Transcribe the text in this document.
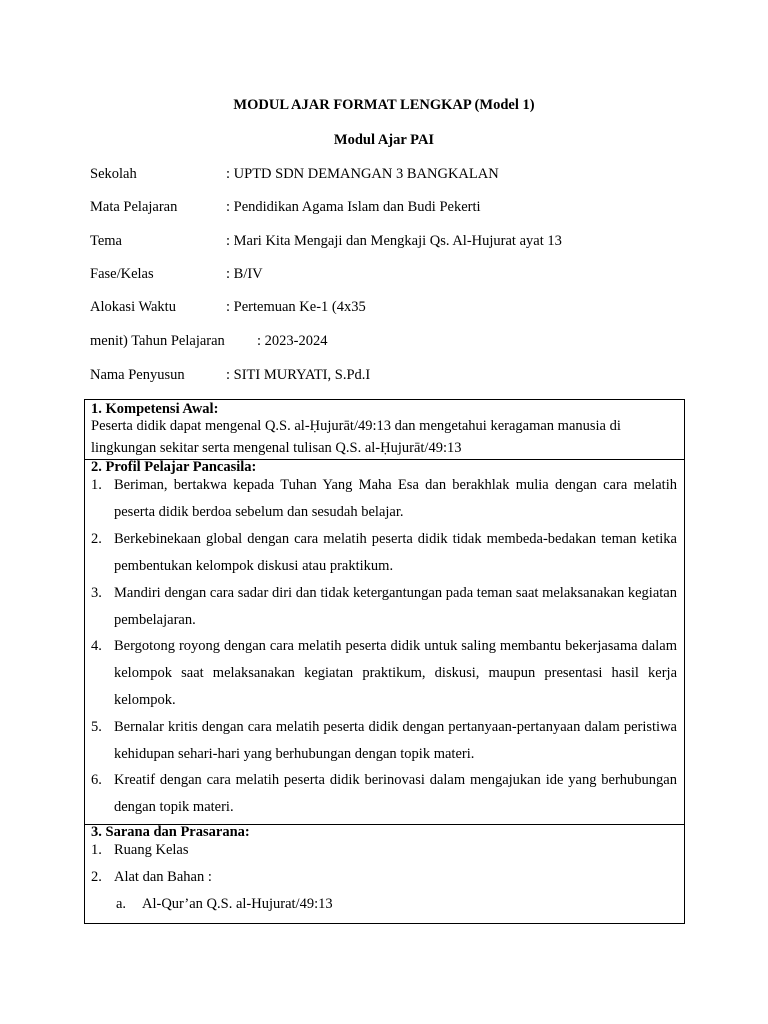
MODUL AJAR FORMAT LENGKAP (Model 1)
Modul Ajar PAI
Sekolah	: UPTD SDN DEMANGAN 3 BANGKALAN
Mata Pelajaran	: Pendidikan Agama Islam dan Budi Pekerti
Tema	: Mari Kita Mengaji dan Mengkaji Qs. Al-Hujurat ayat 13
Fase/Kelas	: B/IV
Alokasi Waktu	: Pertemuan Ke-1 (4x35
menit) Tahun Pelajaran : 2023-2024
Nama Penyusun	: SITI MURYATI, S.Pd.I
1. Kompetensi Awal:
Peserta didik dapat mengenal Q.S. al-Ḥujurāt/49:13 dan mengetahui keragaman manusia di
lingkungan sekitar serta mengenal tulisan Q.S. al-Ḥujurāt/49:13
2. Profil Pelajar Pancasila:
1. Beriman, bertakwa kepada Tuhan Yang Maha Esa dan berakhlak mulia dengan cara melatih peserta didik berdoa sebelum dan sesudah belajar.
2. Berkebinekaan global dengan cara melatih peserta didik tidak membeda-bedakan teman ketika pembentukan kelompok diskusi atau praktikum.
3. Mandiri dengan cara sadar diri dan tidak ketergantungan pada teman saat melaksanakan kegiatan pembelajaran.
4. Bergotong royong dengan cara melatih peserta didik untuk saling membantu bekerjasama dalam kelompok saat melaksanakan kegiatan praktikum, diskusi, maupun presentasi hasil kerja kelompok.
5. Bernalar kritis dengan cara melatih peserta didik dengan pertanyaan-pertanyaan dalam peristiwa kehidupan sehari-hari yang berhubungan dengan topik materi.
6. Kreatif dengan cara melatih peserta didik berinovasi dalam mengajukan ide yang berhubungan dengan topik materi.
3. Sarana dan Prasarana:
1. Ruang Kelas
2. Alat dan Bahan :
a. Al-Qur’an Q.S. al-Hujurat/49:13
